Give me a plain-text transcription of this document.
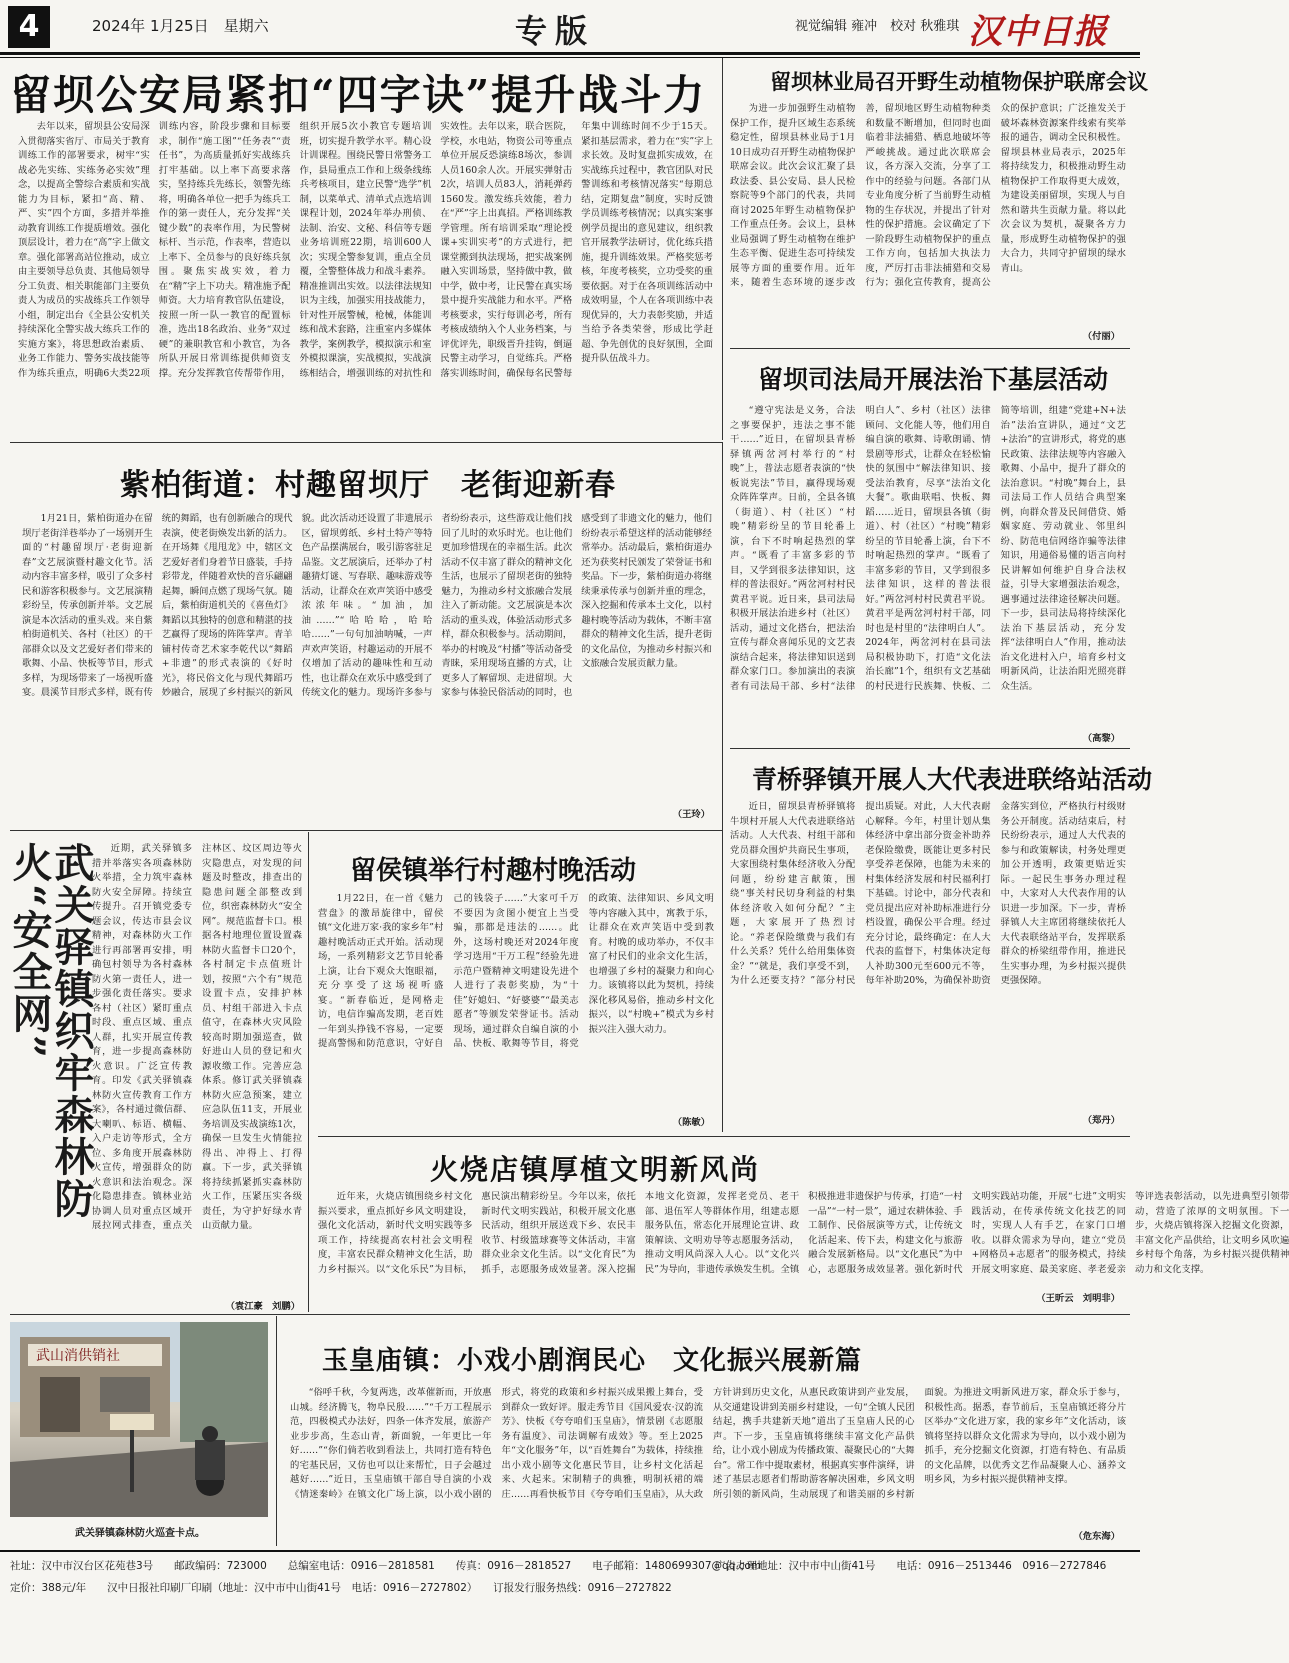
4	2024年 1月25日　星期六	专版	视觉编辑 雍冲　校对 秋雅琪 汉中日报
留坝公安局紧扣“四字诀”提升战斗力
去年以来，留坝县公安局深入贯彻落实省厅、市局关于教育训练工作的部署要求，树牢“实战必先实练、实练务必实效”理念，以提高全警综合素质和实战能力为目标，紧扣“高、精、严、实”四个方面，多措并举推动教育训练工作提质增效。强化顶层设计，着力在“高”字上做文章。强化部署高站位推动，成立由主要领导总负责、其他局领导分工负责、相关职能部门主要负责人为成员的实战练兵工作领导小组，制定出台《全县公安机关持续深化全警实战大练兵工作的实施方案》，将思想政治素质、业务工作能力、警务实战技能等作为练兵重点，明确6大类22项训练内容，阶段步骤和目标要求，制作“施工图”“任务表”“责任书”，为高质量抓好实战练兵打牢基础。以上率下高要求落实，坚持练兵先练长，领警先练将，明确各单位一把手为练兵工作的第一责任人，充分发挥“关键少数”的表率作用，为民警树标杆、当示范，作表率，营造以上率下、全员参与的良好练兵氛围。聚焦实战实效，着力在“精”字上下功夫。精准施予配师资。大力培育教官队伍建设，按照一所一队一教官的配置标准，选出18名政治、业务“双过硬”的兼职教官和小教官，为各所队开展日常训练提供师资支撑。充分发挥教官传帮带作用，组织开展5次小教官专题培训班，切实提升教学水平。精心设计训课程。围绕民警日常警务工作，县局重点工作和上级条线练兵考核项目，建立民警“选学”机制，以菜单式、清单式点选培训课程计划，2024年举办刑侦、法制、治安、文秘、科信等专题业务培训班22期，培训600人次；实现全警参复训，重点全员覆，全警整体战力和战斗素养。精准推训出实效。以法律法规知识为主线，加强实用技战能力，针对性开展警械，枪械，体能训练和战术套路，注重室内多媒体教学，案例教学，模拟演示和室外模拟课演，实战模拟，实战演练相结合，增强训练的对抗性和实效性。去年以来，联合医院，学校，水电站，物资公司等重点单位开展反恐演练8场次，参训人员160余人次。开展实弹射击2次，培训人员83人，消耗弹药1560发。激发练兵效能，着力在“严”字上出真招。严格训练教学管理。所有培训采取“理论授课+实训实考”的方式进行，把课堂搬到执法现场，把实战案例融入实训场景，坚持做中教，做中学，做中考，让民警在真实场景中提升实战能力和水平。严格考核要求，实行每训必考，所有考核成绩纳入个人业务档案，与评优评先，职级晋升挂钩，倒逼民警主动学习，自觉练兵。严格落实训练时间，确保每名民警每年集中训练时间不少于15天。紧扣基层需求，着力在“实”字上求长效。及时复盘抓实成效，在实战练兵过程中，教官团队对民警训练和考核情况落实“每期总结，定期复盘”制度，实时反馈学员训练考核情况；以真实案事例学员提出的意见建议，组织教官开展教学法研讨，优化练兵措施，提升训练效果。严格奖惩考核，年度考核奖，立功受奖的重要依据。对于在各项训练活动中成效明显，个人在各项训练中表现优异的，大力表彰奖励，并适当给予各类荣誉，形成比学赶超、争先创优的良好氛围，全面提升队伍战斗力。
留坝林业局召开野生动植物保护联席会议
为进一步加强野生动植物保护工作，提升区域生态系统稳定性，留坝县林业局于1月10日成功召开野生动植物保护联席会议。此次会议汇聚了县政法委、县公安局、县人民检察院等9个部门的代表，共同商讨2025年野生动植物保护工作重点任务。会议上，县林业局强调了野生动植物在维护生态平衡、促进生态可持续发展等方面的重要作用。近年来，随着生态环境的逐步改善，留坝地区野生动植物种类和数量不断增加，但同时也面临着非法捕猎、栖息地破坏等严峻挑战。通过此次联席会议，各方深入交流，分享了工作中的经验与问题。各部门从专业角度分析了当前野生动植物的生存状况，并提出了针对性的保护措施。会议确定了下一阶段野生动植物保护的重点工作方向，包括加大执法力度，严厉打击非法捕猎和交易行为；强化宣传教育，提高公众的保护意识；广泛推发关于破坏森林资源案件线索有奖举报的通告，调动全民积极性。留坝县林业局表示，2025年将持续发力，积极推动野生动植物保护工作取得更大成效，为建设美丽留坝，实现人与自然和谐共生贡献力量。将以此次会议为契机，凝聚各方力量，形成野生动植物保护的强大合力，共同守护留坝的绿水青山。
（付丽）
留坝司法局开展法治下基层活动
“遵守宪法是义务，合法之事要保护，违法之事不能干……”近日，在留坝县青桥驿镇两岔河村举行的“村晚”上，普法志愿者表演的“快板说宪法”节目，赢得现场观众阵阵掌声。日前，全县各镇（街道）、村（社区）“村晚”精彩纷呈的节目轮番上演，台下不时响起热烈的掌声。“既看了丰富多彩的节目，又学到很多法律知识，这样的普法很好。”两岔河村村民黄君平说。近日来，县司法局积极开展法治进乡村（社区）活动，通过文化搭台，把法治宣传与群众喜闻乐见的文艺表演结合起来，将法律知识送到群众家门口。参加演出的表演者有司法局干部、乡村“法律明白人”、乡村（社区）法律顾问、文化能人等，他们用自编自演的歌舞、诗歌朗诵、情景剧等形式，让群众在轻松愉快的氛围中“解法律知识、接受法治教育，尽享“法治文化大餐”。歌曲联唱、快板、舞蹈……近日，留坝县各镇（街道）、村（社区）“村晚”精彩纷呈的节目轮番上演，台下不时响起热烈的掌声。“既看了丰富多彩的节目，又学到很多法律知识，这样的普法很好。”两岔河村村民黄君平说。黄君平是两岔河村村干部，同时也是村里的“法律明白人”。2024年，两岔河村在县司法局积极协助下，打造“文化法治长廊”1个，组织有文艺基础的村民进行民族舞、快板、二简等培训，组建“党建+N+法治”法治宣讲队，通过“文艺+法治”的宣讲形式，将党的惠民政策、法律法规等内容融入歌舞、小品中，提升了群众的法治意识。“村晚”舞台上，县司法局工作人员结合典型案例，向群众普及民间借贷、婚姻家庭、劳动就业、邻里纠纷、防范电信网络诈骗等法律知识，用通俗易懂的语言向村民讲解如何维护自身合法权益，引导大家增强法治观念，遇事通过法律途径解决问题。下一步，县司法局将持续深化法治下基层活动，充分发挥“法律明白人”作用，推动法治文化进村入户，培育乡村文明新风尚，让法治阳光照亮群众生活。
（高黎）
紫柏街道：村趣留坝厅　老街迎新春
1月21日，紫柏街道办在留坝厅老街洋巷举办了一场别开生面的“村趣留坝厅·老街迎新春”文艺展演暨村趣文化节。活动内容丰富多样，吸引了众多村民和游客积极参与。文艺展演精彩纷呈，传承创新并举。文艺展演是本次活动的重头戏。来自紫柏街道机关、各村（社区）的干部群众以及文艺爱好者们带来的歌舞、小品、快板等节目，形式多样，为现场带来了一场视听盛宴。晨溪节目形式多样，既有传统的舞蹈，也有创新融合的现代表演，使老街焕发出新的活力。在开场舞《甩甩龙》中，辖区文艺爱好者们身着节日盛装，手持彩带龙，伴随着欢快的音乐翩翩起舞，瞬间点燃了现场气氛。随后，紫柏街道机关的《喜鱼灯》舞蹈以其独特的创意和精湛的技艺赢得了现场的阵阵掌声。青羊铺村传奇艺术家李乾代以“舞蹈+非遗”的形式表演的《好时光》，将民俗文化与现代舞蹈巧妙融合，展现了乡村振兴的新风貌。此次活动还设置了非遗展示区，留坝剪纸、乡村土特产等特色产品摆满展台，吸引游客驻足品鉴。文艺展演后，还举办了村趣猜灯谜、写春联、趣味游戏等活动，让群众在欢声笑语中感受浓浓年味。“加油，加油……”“哈哈哈，哈哈哈……”一句句加油呐喊，一声声欢声笑语，村趣运动的开展不仅增加了活动的趣味性和互动性，也让群众在欢乐中感受到了传统文化的魅力。现场许多参与者纷纷表示，这些游戏让他们找回了儿时的欢乐时光。也让他们更加珍惜现在的幸福生活。此次活动不仅丰富了群众的精神文化生活，也展示了留坝老街的独特魅力，为推动乡村文旅融合发展注入了新动能。文艺展演是本次活动的重头戏，体验活动形式多样，群众积极参与。活动期间，举办的村晚及“村播”等活动备受青睐，采用现场直播的方式，让更多人了解留坝、走进留坝。大家参与体验民俗活动的同时，也感受到了非遗文化的魅力，他们纷纷表示希望这样的活动能够经常举办。活动最后，紫柏街道办还为获奖村民颁发了荣誉证书和奖品。下一步，紫柏街道办将继续秉承传承与创新并重的理念，深入挖掘和传承本土文化，以村趣村晚等活动为载体，不断丰富群众的精神文化生活，提升老街的文化品位，为推动乡村振兴和文旅融合发展贡献力量。
（王玲）
青桥驿镇开展人大代表进联络站活动
近日，留坝县青桥驿镇将牛坝村开展人大代表进联络站活动。人大代表、村组干部和党员群众围炉共商民生事项，大家围绕村集体经济收入分配问题，纷纷建言献策，围绕“事关村民切身利益的村集体经济收入如何分配？”主题，大家展开了热烈讨论。“养老保险缴费与我们有什么关系？凭什么给用集体资金？”“就是，我们享受不到，为什么还要支持？”部分村民提出质疑。对此，人大代表耐心解释。今年，村里计划从集体经济中拿出部分资金补助养老保险缴费，既能让更多村民享受养老保障，也能为未来的村集体经济发展和村民福利打下基础。讨论中，部分代表和党员提出应对补助标准进行分档设置，确保公平合理。经过充分讨论，最终确定：在人大代表的监督下，村集体决定每人补助300元至600元不等，每年补助20%，为确保补助资金落实到位，严格执行村级财务公开制度。活动结束后，村民纷纷表示，通过人大代表的参与和政策解读，村务处理更加公开透明，政策更贴近实际。一起民生事务办理过程中，大家对人大代表作用的认识进一步加深。下一步，青桥驿镇人大主席团将继续依托人大代表联络站平台，发挥联系群众的桥梁纽带作用，推进民生实事办理，为乡村振兴提供更强保障。
（郑丹）
武关驿镇织牢森林防火“安全网”	近期，武关驿镇多措并举落实各项森林防火举措，全力筑牢森林防火安全屏障。持续宣传提升。召开镇党委专题会议，传达市县会议精神，对森林防火工作进行再部署再安排，明确包村领导为各村森林防火第一责任人，进一步强化责任落实。要求各村（社区）紧盯重点时段、重点区域、重点人群，扎实开展宣传教育，进一步提高森林防火意识。广泛宣传教育。印发《武关驿镇森林防火宣传教育工作方案》，各村通过微信群、大喇叭、标语、横幅、入户走访等形式，全方位、多角度开展森林防火宣传，增强群众的防火意识和法治观念。深化隐患排查。镇林业站协调人员对重点区域开展拉网式排查，重点关注林区、坟区周边等火灾隐患点，对发现的问题及时整改，排查出的隐患问题全部整改到位，织密森林防火“安全网”。规范监督卡口。根据各村地理位置设置森林防火监督卡口20个，各村制定卡点值班计划，按照“六个有”规范设置卡点，安排护林员、村组干部进入卡点值守，在森林火灾风险较高时期加强巡查，做好进山人员的登记和火源收缴工作。完善应急体系。修订武关驿镇森林防火应急预案，建立应急队伍11支，开展业务培训及实战演练1次，确保一旦发生火情能拉得出、冲得上、打得赢。下一步，武关驿镇将持续抓紧抓实森林防火工作，压紧压实各级责任，为守护好绿水青山贡献力量。
（袁江豪　刘鹏）
留侯镇举行村趣村晚活动
1月22日，在一首《魅力营盘》的激昂旋律中，留侯镇“文化进万家·我的家乡年”村趣村晚活动正式开始。活动现场，一系列精彩文艺节目轮番上演，让台下观众大饱眼福，充分享受了这场视听盛宴。“新春临近，是网格走访，电信诈骗高发期，老百姓一年到头挣钱不容易，一定要提高警惕和防范意识，守好自己的钱袋子……”大家可千万不要因为贪图小便宜上当受骗，那都是违法的……。此外，这场村晚还对2024年度学习选用“干万工程”经验先进示范户暨精神文明建设先进个人进行了表彰奖励，为“十佳”好媳妇、“好婆婆”“最美志愿者”等颁发荣誉证书。活动现场，通过群众自编自演的小品、快板、歌舞等节目，将党的政策、法律知识、乡风文明等内容融入其中，寓教于乐，让群众在欢声笑语中受到教育。村晚的成功举办，不仅丰富了村民们的业余文化生活，也增强了乡村的凝聚力和向心力。该镇将以此为契机，持续深化移风易俗，推动乡村文化振兴，以“村晚+”模式为乡村振兴注入强大动力。
（陈敏）
火烧店镇厚植文明新风尚
近年来，火烧店镇围绕乡村文化振兴要求，重点抓好乡风文明建设，强化文化活动，新时代文明实践等多项工作，持续提高农村社会文明程度，丰富农民群众精神文化生活，助力乡村振兴。以“文化乐民”为目标，惠民演出精彩纷呈。今年以来，依托新时代文明实践站，积极开展文化惠民活动，组织开展送戏下乡、农民丰收节、村级篮球赛等文体活动，丰富群众业余文化生活。以“文化育民”为抓手，志愿服务成效显著。深入挖掘本地文化资源，发挥老党员、老干部、退伍军人等群体作用，组建志愿服务队伍，常态化开展理论宣讲、政策解读、文明劝导等志愿服务活动，推动文明风尚深入人心。以“文化兴民”为导向，非遗传承焕发生机。全镇积极推进非遗保护与传承，打造“一村一品”“一村一景”，通过农耕体验、手工制作、民俗展演等方式，让传统文化活起来、传下去，构建文化与旅游融合发展新格局。以“文化惠民”为中心，志愿服务成效显著。强化新时代文明实践站功能，开展“七进”文明实践活动，在传承传统文化技艺的同时，实现人人有手艺，在家门口增收。以群众需求为导向，建立“党员+网格员+志愿者”的服务模式，持续开展文明家庭、最美家庭、孝老爱亲等评选表彰活动，以先进典型引领带动，营造了浓厚的文明氛围。下一步，火烧店镇将深入挖掘文化资源，丰富文化产品供给，让文明乡风吹遍乡村每个角落，为乡村振兴提供精神动力和文化支撑。
（王昕云　刘明非）
武山消供销社
武关驿镇森林防火巡查卡点。
玉皇庙镇：小戏小剧润民心　文化振兴展新篇
“俗呼千秋，今复两选，改革催新而，开放惠山城。经济腾飞，物阜民殷……”“千万工程展示范，四极模式办法好，四条一体齐发展，旅游产业步步高，生态山青，新面貌，一年更比一年好……”“你们倘若收到看法上，共同打造有特色的宅基民居，又仿也可以让来帮忙，日子会越过越好……”近日，玉皇庙镇干部自导自演的小戏《情迷秦岭》在镇文化广场上演，以小戏小剧的形式，将党的政策和乡村振兴成果搬上舞台，受到群众一致好评。服走秀节目《国风爱农·汉韵流芳》、快板《夸夸咱们玉皇庙》，情景剧《志愿服务有温度》、司法调解有成效》等。至上2025年“文化服务”年，以“百姓舞台”为载体，持续推出小戏小剧等文化惠民节目，让乡村文化活起来、火起来。宋制精子的典雅，明制袄裙的端庄……再看快板节目《夸夸咱们玉皇庙》，从大政方针讲到历史文化，从惠民政策讲到产业发展，从交通建设讲到美丽乡村建设，一句“全镇人民团结起，携手共建新天地”道出了玉皇庙人民的心声。下一步，玉皇庙镇将继续丰富文化产品供给，让小戏小剧成为传播政策、凝聚民心的“大舞台”。常工作中提取素材，根据真实事件演绎，讲述了基层志愿者们帮助游客解决困难，乡风文明所引领的新风尚，生动展现了和谐美丽的乡村新面貌。为推进文明新风进万家，群众乐于参与，积极性高。据悉，春节前后，玉皇庙镇还将分片区举办“文化进万家，我的家乡年”文化活动，该镇将坚持以群众文化需求为导向，以小戏小剧为抓手，充分挖掘文化资源，打造有特色、有品质的文化品牌，以优秀文艺作品凝聚人心、涵养文明乡风，为乡村振兴提供精神支撑。
（危东海）
社址：汉中市汉台区花苑巷3号　　邮政编码：723000　　总编室电话：0916－2818581　　传真：0916－2818527　　电子邮箱：1480699307@qq.com
广告办理地址：汉中市中山街41号　　电话：0916－2513446　0916－2727846
定价：388元/年　　汉中日报社印刷厂印刷（地址：汉中市中山街41号　电话：0916－2727802）　　订报发行服务热线：0916－2727822
